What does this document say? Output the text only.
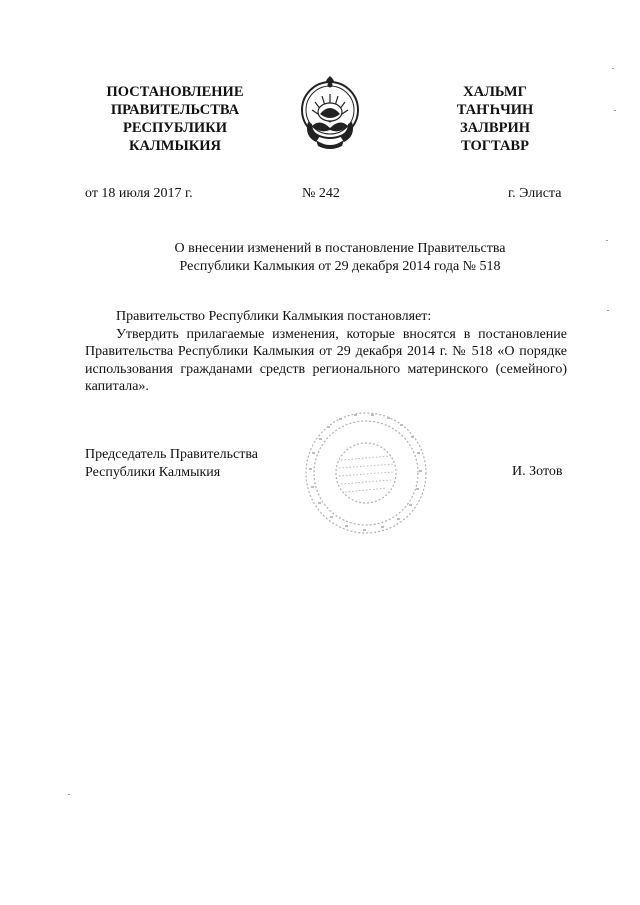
ПОСТАНОВЛЕНИЕ
ПРАВИТЕЛЬСТВА
РЕСПУБЛИКИ
КАЛМЫКИЯ
ХАЛЬМГ
ТАҤҺЧИН
ЗАЛВРИН
ТОГТАВР
от 18 июля 2017 г.	№ 242	г. Элиста
О внесении изменений в постановление Правительства
Республики Калмыкия от 29 декабря 2014 года № 518

Правительство Республики Калмыкия постановляет:

Утвердить прилагаемые изменения, которые вносятся в постановление Правительства Республики Калмыкия от 29 декабря 2014 г. № 518 «О порядке использования гражданами средств регионального материнского (семейного) капитала».

Председатель Правительства
Республики Калмыкия	И. Зотов
